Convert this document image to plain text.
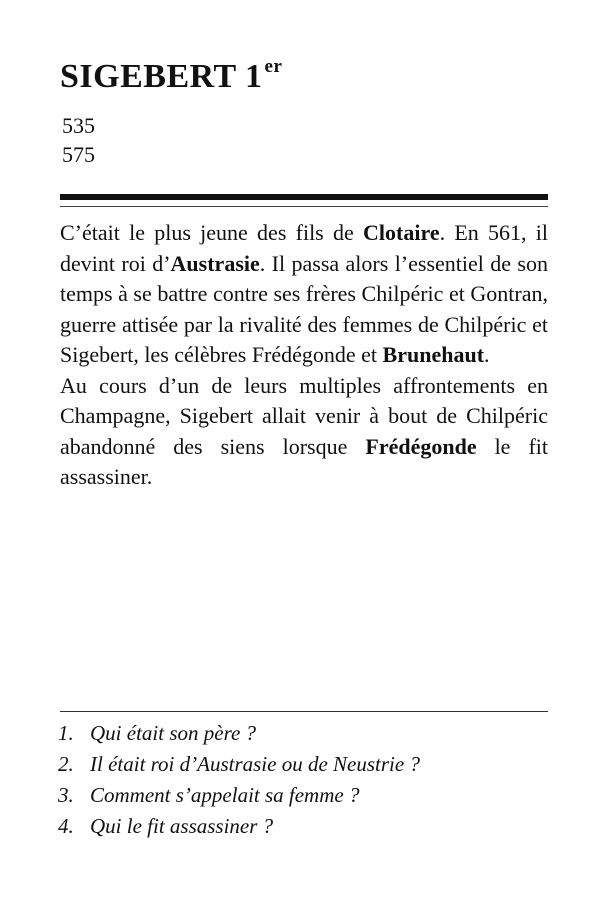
SIGEBERT 1 $^{er}$
535
575

C’était le plus jeune des fils de Clotaire. En 561, il devint roi d’Austrasie. Il passa alors l’essentiel de son temps à se battre contre ses frères Chilpéric et Gontran, guerre attisée par la rivalité des femmes de Chilpéric et Sigebert, les célèbres Frédégonde et Brunehaut.

Au cours d’un de leurs multiples affrontements en Champagne, Sigebert allait venir à bout de Chilpéric abandonné des siens lorsque Frédégonde le fit assassiner.

1. Qui était son père ?
2. Il était roi d’Austrasie ou de Neustrie ?
3. Comment s’appelait sa femme ?
4. Qui le fit assassiner ?
